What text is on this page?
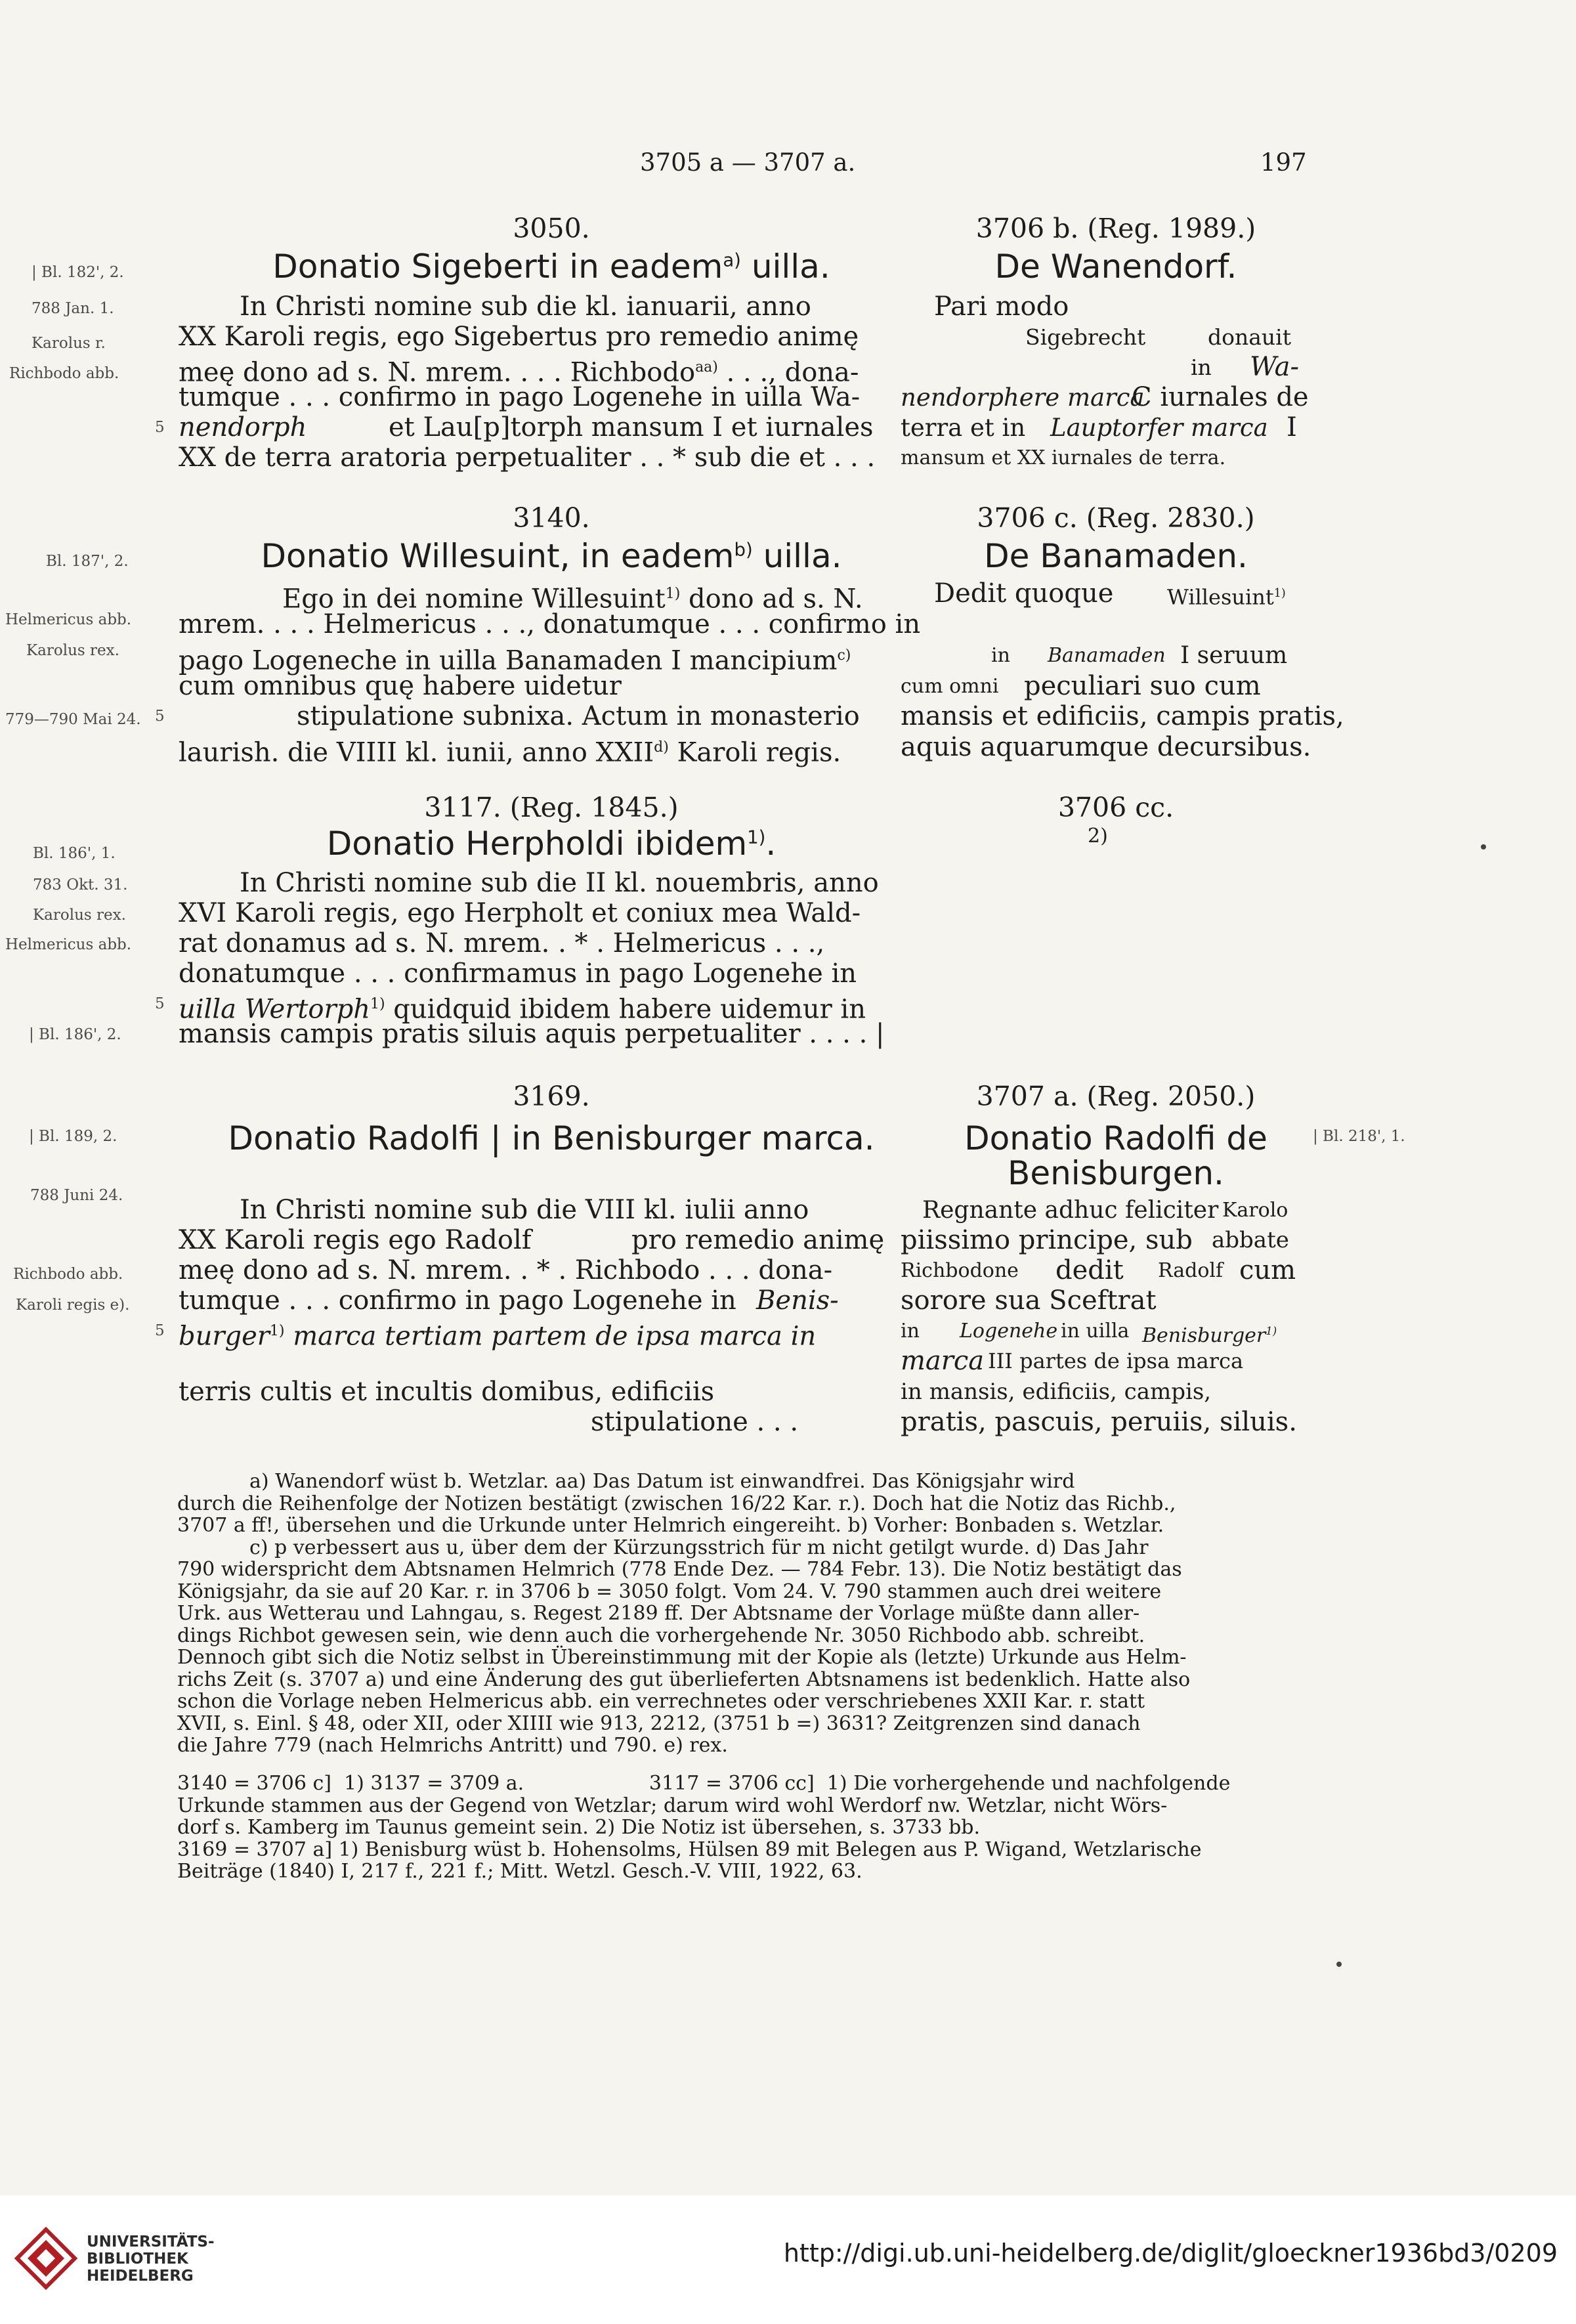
3705 a — 3707 a.	197
| Bl. 182', 2.
788 Jan. 1.
Karolus r.
Richbodo abb.
3050.
Donatio Sigeberti in eadem$^{a)}$ uilla.
In Christi nomine sub die kl. ianuarii, anno
XX Karoli regis, ego Sigebertus pro remedio animę
meę dono ad s. N. mrem. . . . Richbodo$^{aa)}$ . . ., dona-
tumque . . . confirmo in pago Logenehe in uilla Wa-
5 nendorph	et Lau[p]torph mansum I et iurnales
XX de terra aratoria perpetualiter . . * sub die et . . .
Bl. 187', 2.
Helmericus abb.
Karolus rex.
779—790 Mai 24.
3140.
Donatio Willesuint, in eadem$^{b)}$ uilla.
Ego in dei nomine Willesuint$^{1)}$ dono ad s. N.
mrem. . . . Helmericus . . ., donatumque . . . confirmo in
pago Logeneche in uilla Banamaden I mancipium$^{c)}$
cum omnibus quę habere uidetur
5	stipulatione subnixa. Actum in monasterio
laurish. die VIIII kl. iunii, anno XXII$^{d)}$ Karoli regis.
Bl. 186', 1.
783 Okt. 31.
Karolus rex.
Helmericus abb.
| Bl. 186', 2.
3117. (Reg. 1845.)
Donatio Herpholdi ibidem$^{1)}$.
In Christi nomine sub die II kl. nouembris, anno
XVI Karoli regis, ego Herpholt et coniux mea Wald-
rat donamus ad s. N. mrem. . * . Helmericus . . .,
donatumque . . . confirmamus in pago Logenehe in
5 uilla Wertorph$^{1)}$ quidquid ibidem habere uidemur in
mansis campis pratis siluis aquis perpetualiter . . . . |
| Bl. 189, 2.
788 Juni 24.
Richbodo abb.
Karoli regis e).
3169.
Donatio Radolfi | in Benisburger marca.
In Christi nomine sub die VIII kl. iulii anno
XX Karoli regis ego Radolf	pro remedio animę
meę dono ad s. N. mrem. . * . Richbodo . . . dona-
tumque . . . confirmo in pago Logenehe in Benis-
5 burger$^{1)}$ marca tertiam partem de ipsa marca in
terris cultis et incultis domibus, edificiis
stipulatione . . .
3706 b. (Reg. 1989.)
De Wanendorf.
Pari modo
Sigebrecht	donauit
in Wa-
nendorphere marca
C iurnales de
terra et in Lauptorfer marca I
mansum et XX iurnales de terra.
3706 c. (Reg. 2830.)
De Banamaden.
Dedit quoque	Willesuint$^{1)}$
in Banamaden I seruum
cum omni peculiari suo cum
mansis et edificiis, campis pratis,
aquis aquarumque decursibus.
3706 cc.
2)
| Bl. 218', 1.
3707 a. (Reg. 2050.)
Donatio Radolfi de
Benisburgen.
Regnante adhuc feliciter Karolo
piissimo principe, sub abbate
Richbodone dedit Radolf cum
sorore sua Sceftrat
in Logenehe in uilla Benisburger$^{1)}$
marca III partes de ipsa marca
in mansis, edificiis, campis,
pratis, pascuis, peruiis, siluis.
a) Wanendorf wüst b. Wetzlar. aa) Das Datum ist einwandfrei. Das Königsjahr wird
durch die Reihenfolge der Notizen bestätigt (zwischen 16/22 Kar. r.). Doch hat die Notiz das Richb.,
3707 a ff!, übersehen und die Urkunde unter Helmrich eingereiht. b) Vorher: Bonbaden s. Wetzlar.
c) p verbessert aus u, über dem der Kürzungsstrich für m nicht getilgt wurde. d) Das Jahr
790 widerspricht dem Abtsnamen Helmrich (778 Ende Dez. — 784 Febr. 13). Die Notiz bestätigt das
Königsjahr, da sie auf 20 Kar. r. in 3706 b = 3050 folgt. Vom 24. V. 790 stammen auch drei weitere
Urk. aus Wetterau und Lahngau, s. Regest 2189 ff. Der Abtsname der Vorlage müßte dann aller-
dings Richbot gewesen sein, wie denn auch die vorhergehende Nr. 3050 Richbodo abb. schreibt.
Dennoch gibt sich die Notiz selbst in Übereinstimmung mit der Kopie als (letzte) Urkunde aus Helm-
richs Zeit (s. 3707 a) und eine Änderung des gut überlieferten Abtsnamens ist bedenklich. Hatte also
schon die Vorlage neben Helmericus abb. ein verrechnetes oder verschriebenes XXII Kar. r. statt
XVII, s. Einl. § 48, oder XII, oder XIIII wie 913, 2212, (3751 b =) 3631? Zeitgrenzen sind danach
die Jahre 779 (nach Helmrichs Antritt) und 790. e) rex.
3140 = 3706 c]  1) 3137 = 3709 a.                    3117 = 3706 cc]  1) Die vorhergehende und nachfolgende
Urkunde stammen aus der Gegend von Wetzlar; darum wird wohl Werdorf nw. Wetzlar, nicht Wörs-
dorf s. Kamberg im Taunus gemeint sein. 2) Die Notiz ist übersehen, s. 3733 bb.
3169 = 3707 a] 1) Benisburg wüst b. Hohensolms, Hülsen 89 mit Belegen aus P. Wigand, Wetzlarische
Beiträge (1840) I, 217 f., 221 f.; Mitt. Wetzl. Gesch.-V. VIII, 1922, 63.
UNIVERSITÄTS-
BIBLIOTHEK
HEIDELBERG
http://digi.ub.uni-heidelberg.de/diglit/gloeckner1936bd3/0209
